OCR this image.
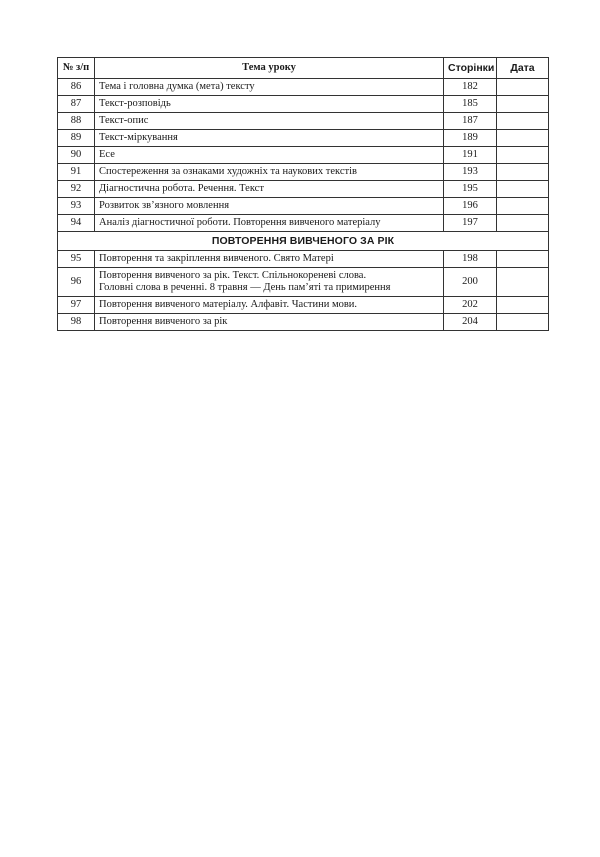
№ з/п	Тема уроку	Сторінки	Дата
86	Тема і головна думка (мета) тексту	182	
87	Текст-розповідь	185	
88	Текст-опис	187	
89	Текст-міркування	189	
90	Есе	191	
91	Спостереження за ознаками художніх та наукових текстів	193	
92	Діагностична робота. Речення. Текст	195	
93	Розвиток зв’язного мовлення	196	
94	Аналіз діагностичної роботи. Повторення вивченого матеріалу	197	
ПОВТОРЕННЯ ВИВЧЕНОГО ЗА РІК			
95	Повторення та закріплення вивченого. Свято Матері	198	
96	Повторення вивченого за рік. Текст. Спільнокореневі слова.
Головні слова в реченні. 8 травня — День пам’яті та примирення	200	
97	Повторення вивченого матеріалу. Алфавіт. Частини мови.	202	
98	Повторення вивченого за рік	204	
